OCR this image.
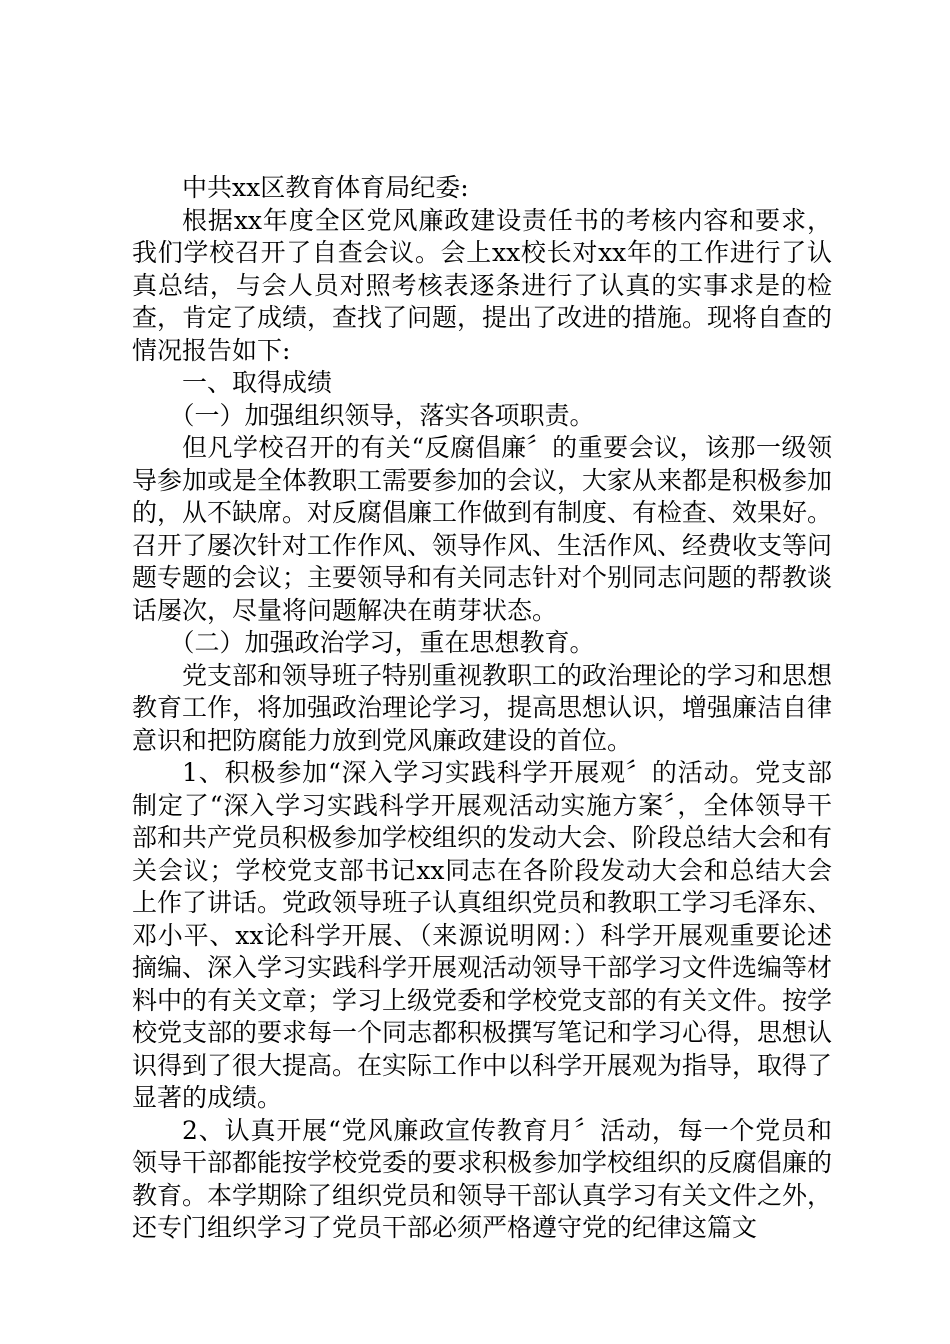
中共xx区教育体育局纪委:

根据xx年度全区党风廉政建设责任书的考核内容和要求，我们学校召开了自查会议。会上xx校长对xx年的工作进行了认真总结，与会人员对照考核表逐条进行了认真的实事求是的检查，肯定了成绩，查找了问题，提出了改进的措施。现将自查的情况报告如下:

一、取得成绩

（一）加强组织领导，落实各项职责。

但凡学校召开的有关“反腐倡廉〞的重要会议，该那一级领导参加或是全体教职工需要参加的会议，大家从来都是积极参加的，从不缺席。对反腐倡廉工作做到有制度、有检查、效果好。召开了屡次针对工作作风、领导作风、生活作风、经费收支等问题专题的会议；主要领导和有关同志针对个别同志问题的帮教谈话屡次，尽量将问题解决在萌芽状态。

（二）加强政治学习，重在思想教育。

党支部和领导班子特别重视教职工的政治理论的学习和思想教育工作，将加强政治理论学习，提高思想认识，增强廉洁自律意识和把防腐能力放到党风廉政建设的首位。

1、积极参加“深入学习实践科学开展观〞的活动。党支部制定了“深入学习实践科学开展观活动实施方案〞，全体领导干部和共产党员积极参加学校组织的发动大会、阶段总结大会和有关会议；学校党支部书记xx同志在各阶段发动大会和总结大会上作了讲话。党政领导班子认真组织党员和教职工学习毛泽东、邓小平、xx论科学开展、（来源说明网：）科学开展观重要论述摘编、深入学习实践科学开展观活动领导干部学习文件选编等材料中的有关文章；学习上级党委和学校党支部的有关文件。按学校党支部的要求每一个同志都积极撰写笔记和学习心得，思想认识得到了很大提高。在实际工作中以科学开展观为指导，取得了显著的成绩。

2、认真开展“党风廉政宣传教育月〞活动，每一个党员和领导干部都能按学校党委的要求积极参加学校组织的反腐倡廉的教育。本学期除了组织党员和领导干部认真学习有关文件之外，还专门组织学习了党员干部必须严格遵守党的纪律这篇文
